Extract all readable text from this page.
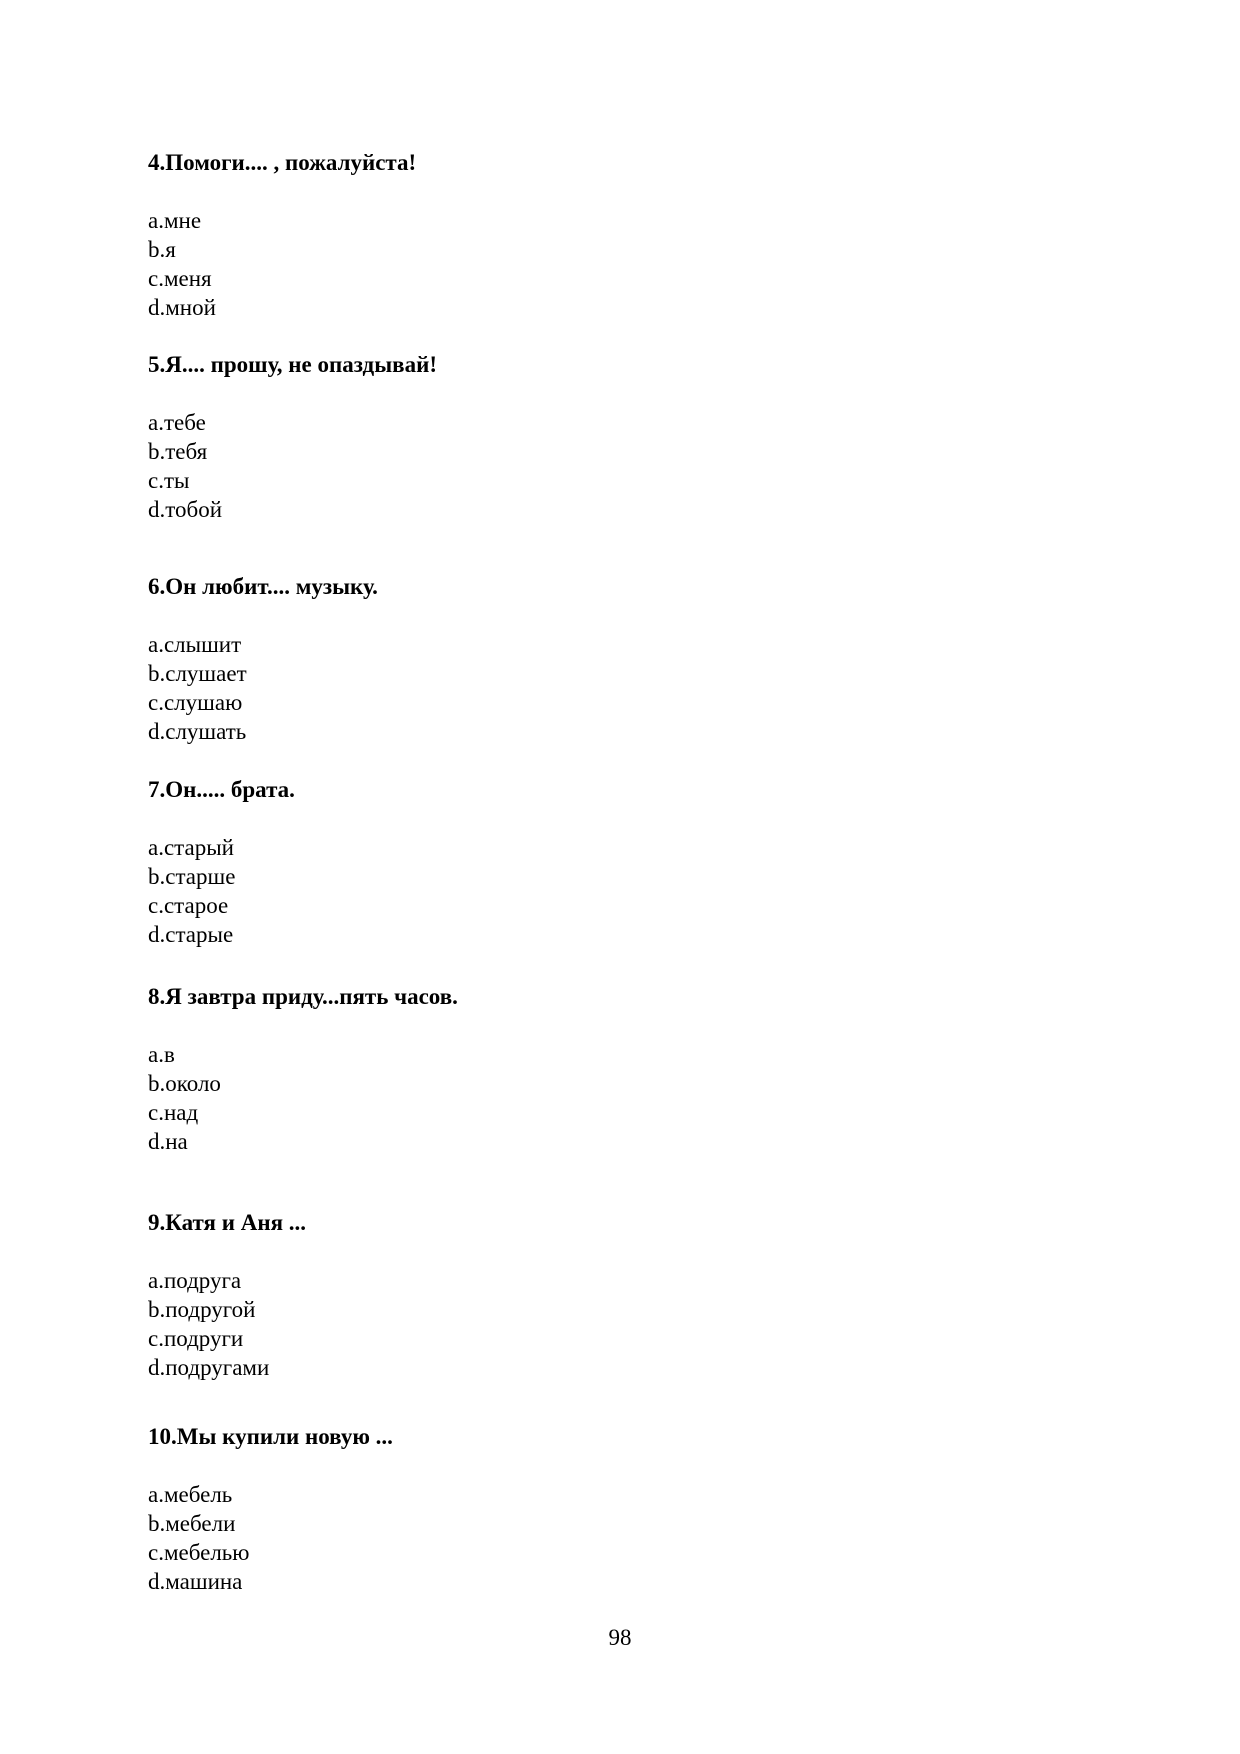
4.Помоги.... , пожалуйста!
a.мне
b.я
c.меня
d.мной
5.Я.... прошу, не опаздывай!
a.тебе
b.тебя
c.ты
d.тобой
6.Он любит.... музыку.
a.слышит
b.слушает
c.слушаю
d.слушать
7.Он..... брата.
a.старый
b.старше
c.старое
d.старые
8.Я завтра приду...пять часов.
a.в
b.около
c.над
d.на
9.Катя и Аня ...
a.подруга
b.подругой
c.подруги
d.подругами
10.Мы купили новую ...
a.мебель
b.мебели
c.мебелью
d.машина
98
